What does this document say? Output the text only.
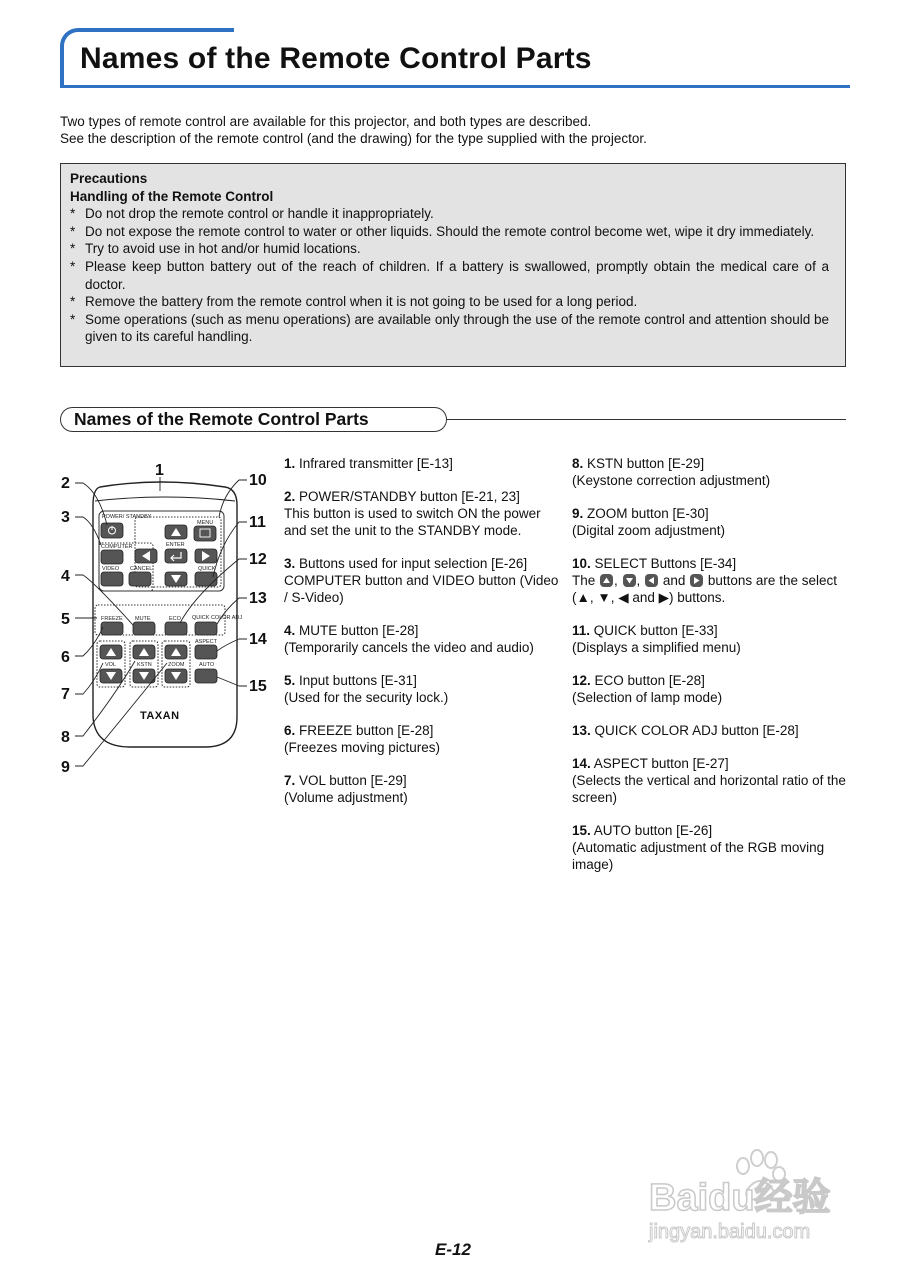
Names of the Remote Control Parts

Two types of remote control are available for this projector, and both types are described.

See the description of the remote control (and the drawing) for the type supplied with the projector.

Precautions
Handling of the Remote Control
* Do not drop the remote control or handle it inappropriately.
* Do not expose the remote control to water or other liquids. Should the remote control become wet, wipe it dry immediately.
* Try to avoid use in hot and/or humid locations.
* Please keep button battery out of the reach of children. If a battery is swallowed, promptly obtain the medical care of a doctor.
* Remove the battery from the remote control when it is not going to be used for a long period.
* Some operations (such as menu operations) are available only through the use of the remote control and attention should be given to its careful handling.
Names of the Remote Control Parts
POWER/ STANDBY
COMPUTER
VIDEO CANCEL
MENU
ENTER
QUICK
FREEZE MUTE	ECO QUICK COLOR ADJ
VOL	KSTN	ZOOM
ASPECT
AUTO
TAXAN
1
2
3
4
5
6
7
8
9
10
11
12
13
14
15

1. Infrared transmitter [E-13]

2. POWER/STANDBY button [E-21, 23]

This button is used to switch ON the power and set the unit to the STANDBY mode.

3. Buttons used for input selection [E-26]

COMPUTER button and VIDEO button (Video / S-Video)

4. MUTE button [E-28]

(Temporarily cancels the video and audio)

5. Input buttons [E-31]

(Used for the security lock.)

6. FREEZE button [E-28]

(Freezes moving pictures)

7. VOL button [E-29]

(Volume adjustment)

8. KSTN button [E-29]

(Keystone correction adjustment)

9. ZOOM button [E-30]

(Digital zoom adjustment)

10. SELECT Buttons [E-34]

The ,
,
and buttons are the select (▲, ▼, ◀ and ▶) buttons.

11. QUICK button [E-33]

(Displays a simplified menu)

12. ECO button [E-28]

(Selection of lamp mode)

13. QUICK COLOR ADJ button [E-28]

14. ASPECT button [E-27]

(Selects the vertical and horizontal ratio of the screen)

15. AUTO button [E-26]

(Automatic adjustment of the RGB moving image)

Baidu经验
jingyan.baidu.com
E-12
